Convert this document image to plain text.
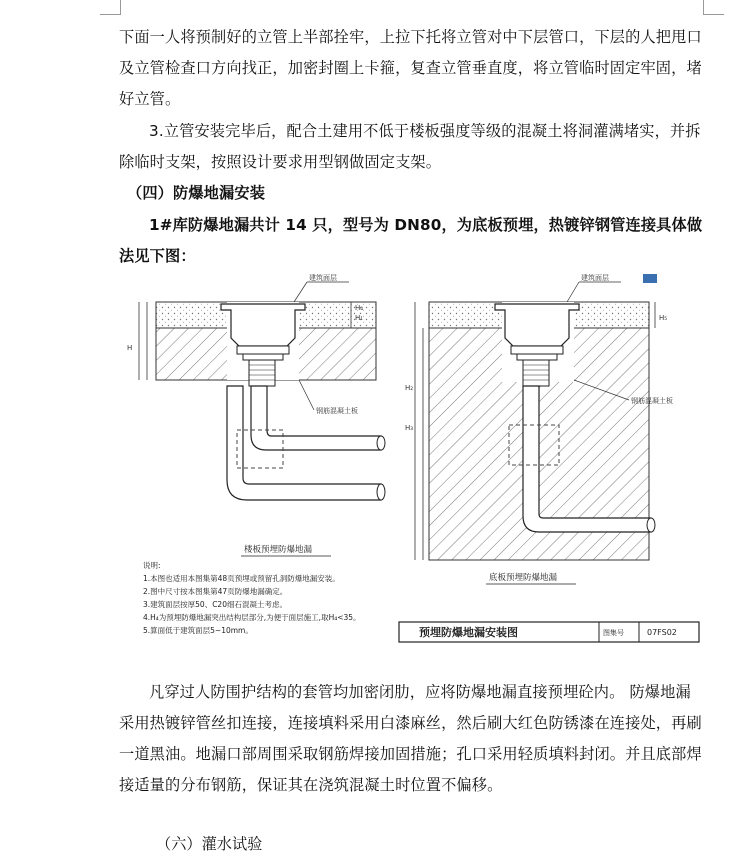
下面一人将预制好的立管上半部拴牢，上拉下托将立管对中下层管口，下层的人把甩口及立管检查口方向找正，加密封圈上卡箍，复查立管垂直度，将立管临时固定牢固，堵好立管。
3.立管安装完毕后，配合土建用不低于楼板强度等级的混凝土将洞灌满堵实，并拆除临时支架，按照设计要求用型钢做固定支架。
（四）防爆地漏安装
1#库防爆地漏共计 14 只，型号为 DN80，为底板预埋，热镀锌钢管连接具体做法见下图：
H
H₁
H₄
建筑面层
钢筋混凝土板
楼板预埋防爆地漏
H₂
H₃
H₅
建筑面层
钢筋混凝土板
底板预埋防爆地漏
说明:
1.本图也适用本图集第48页预埋或预留孔洞防爆地漏安装。
2.图中尺寸按本图集第47页防爆地漏确定。
3.建筑面层按厚50、C20细石混凝土考虑。
4.H₄为预埋防爆地漏突出结构层部分,为便于面层施工,取H₄<35。
5.算面低于建筑面层5~10mm。	预埋防爆地漏安装图	图集号	07FS02
凡穿过人防围护结构的套管均加密闭肋，应将防爆地漏直接预埋砼内。 防爆地漏采用热镀锌管丝扣连接，连接填料采用白漆麻丝，然后刷大红色防锈漆在连接处，再刷一道黑油。地漏口部周围采取钢筋焊接加固措施；孔口采用轻质填料封闭。并且底部焊接适量的分布钢筋，保证其在浇筑混凝土时位置不偏移。
（六）灌水试验
